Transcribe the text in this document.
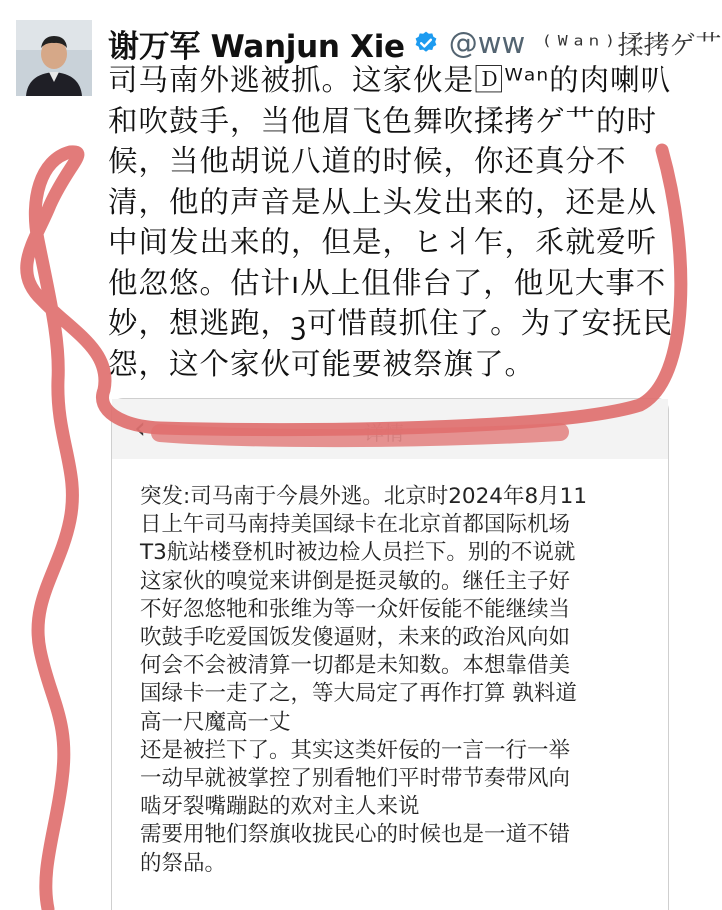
谢万军 Wanjun Xie @ww ⁽ᵂᵃⁿ⁾揉拷ゲ艹
司马南外逃被抓。这家伙是🄳ᵂᵃⁿ的肉喇叭和吹鼓手，当他眉飞色舞吹揉拷ゲ艹的时候，当他胡说八道的时候，你还真分不清，他的声音是从上头发出来的，还是从中间发出来的，但是，ヒ丬乍，乑就爱听他忽悠。估计ı从上伹俳台了，他见大事不妙，想逃跑，ꝫ可惜葭抓住了。为了安抚民怨，这个家伙可能要被祭旗了。
‹	详情
突发:司马南于今晨外逃。北京时2024年8月11
日上午司马南持美国绿卡在北京首都国际机场
T3航站楼登机时被边检人员拦下。别的不说就
这家伙的嗅觉来讲倒是挺灵敏的。继任主子好
不好忽悠牠和张维为等一众奸佞能不能继续当
吹鼓手吃爱国饭发傻逼财，未来的政治风向如
何会不会被清算一切都是未知数。本想靠借美
国绿卡一走了之，等大局定了再作打算 孰料道
高一尺魔高一丈
还是被拦下了。其实这类奸佞的一言一行一举
一动早就被掌控了别看牠们平时带节奏带风向
啮牙裂嘴蹦跶的欢对主人来说
需要用牠们祭旗收拢民心的时候也是一道不错
的祭品。
